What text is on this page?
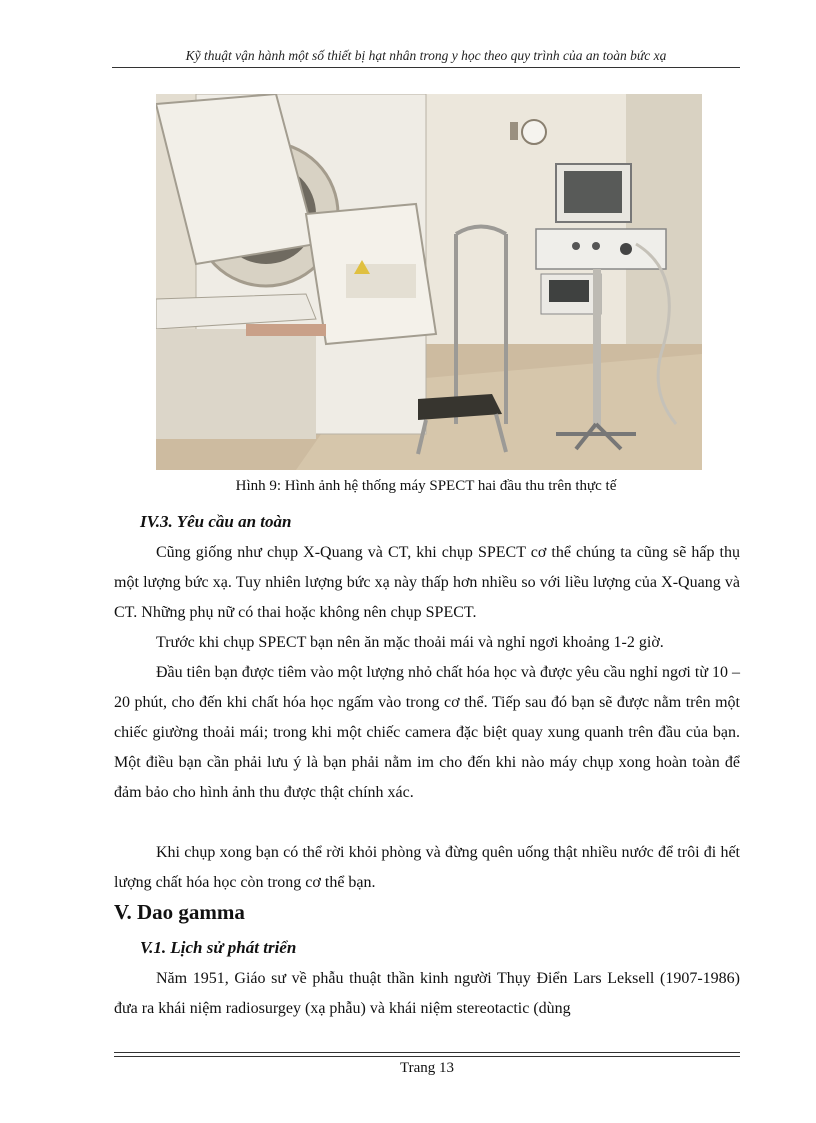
Kỹ thuật vận hành một số thiết bị hạt nhân trong y học theo quy trình của an toàn bức xạ
Hình 9: Hình ảnh hệ thống máy SPECT hai đầu thu trên thực tế
IV.3. Yêu cầu an toàn

Cũng giống như chụp X-Quang và CT, khi chụp SPECT cơ thể chúng ta cũng sẽ hấp thụ một lượng bức xạ. Tuy nhiên lượng bức xạ này thấp hơn nhiều so với liều lượng của X-Quang và CT. Những phụ nữ có thai hoặc không nên chụp SPECT.

Trước khi chụp SPECT bạn nên ăn mặc thoải mái và nghỉ ngơi khoảng 1-2 giờ.

Đầu tiên bạn được tiêm vào một lượng nhỏ chất hóa học và được yêu cầu nghỉ ngơi từ 10 – 20 phút, cho đến khi chất hóa học ngấm vào trong cơ thể. Tiếp sau đó bạn sẽ được nằm trên một chiếc giường thoải mái; trong khi một chiếc camera đặc biệt quay xung quanh trên đầu của bạn. Một điều bạn cần phải lưu ý là bạn phải nằm im cho đến khi nào máy chụp xong hoàn toàn để đảm bảo cho hình ảnh thu được thật chính xác.

Khi chụp xong bạn có thể rời khỏi phòng và đừng quên uống thật nhiều nước để trôi đi hết lượng chất hóa học còn trong cơ thể bạn.

V. Dao gamma
V.1. Lịch sử phát triển

Năm 1951, Giáo sư về phẫu thuật thần kinh người Thụy Điển Lars Leksell (1907-1986) đưa ra khái niệm radiosurgey (xạ phẫu) và khái niệm stereotactic (dùng

Trang 13
